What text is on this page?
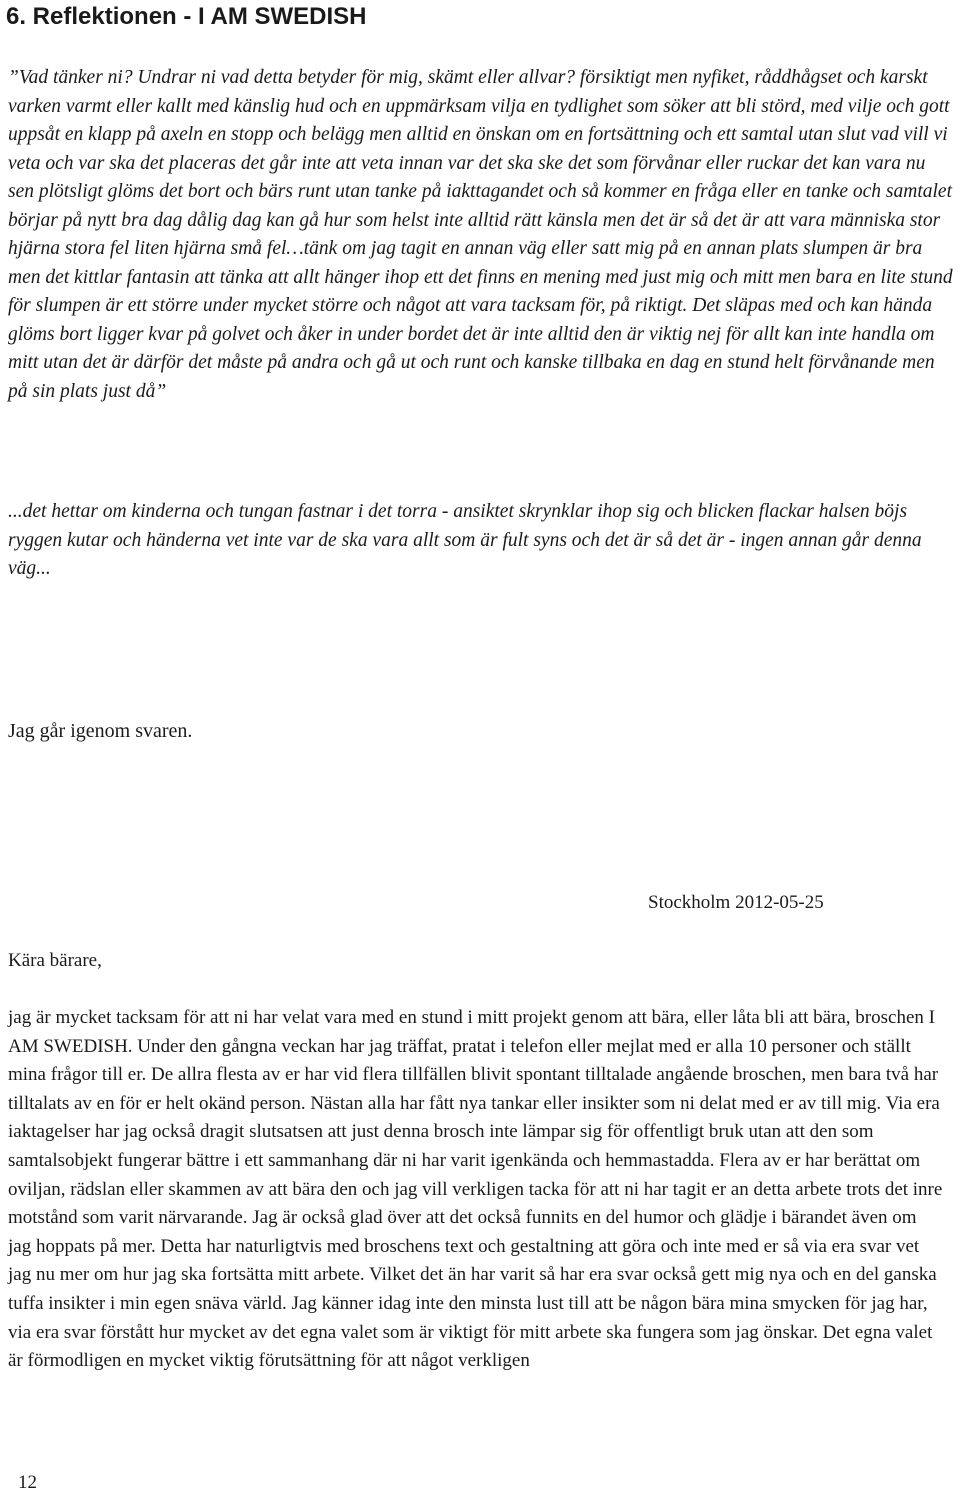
6. Reflektionen - I AM SWEDISH

”Vad tänker ni? Undrar ni vad detta betyder för mig, skämt eller allvar? försiktigt men nyfiket, råddhågset och karskt varken varmt eller kallt med känslig hud och en uppmärksam vilja en tydlighet som söker att bli störd, med vilje och gott uppsåt en klapp på axeln en stopp och belägg men alltid en önskan om en fortsättning och ett samtal utan slut vad vill vi veta och var ska det placeras det går inte att veta innan var det ska ske det som förvånar eller ruckar det kan vara nu sen plötsligt glöms det bort och bärs runt utan tanke på iakttagandet och så kommer en fråga eller en tanke och samtalet börjar på nytt bra dag dålig dag kan gå hur som helst inte alltid rätt känsla men det är så det är att vara människa stor hjärna stora fel liten hjärna små fel…tänk om jag tagit en annan väg eller satt mig på en annan plats slumpen är bra men det kittlar fantasin att tänka att allt hänger ihop ett det finns en mening med just mig och mitt men bara en lite stund för slumpen är ett större under mycket större och något att vara tacksam för, på riktigt. Det släpas med och kan hända glöms bort ligger kvar på golvet och åker in under bordet det är inte alltid den är viktig nej för allt kan inte handla om mitt utan det är därför det måste på andra och gå ut och runt och kanske tillbaka en dag en stund helt förvånande men på sin plats just då”

...det hettar om kinderna och tungan fastnar i det torra - ansiktet skrynklar ihop sig och blicken flackar halsen böjs ryggen kutar och händerna vet inte var de ska vara allt som är fult syns och det är så det är - ingen annan går denna väg...

Jag går igenom svaren.

Stockholm 2012-05-25

Kära bärare,

jag är mycket tacksam för att ni har velat vara med en stund i mitt projekt genom att bära, eller låta bli att bära, broschen I AM SWEDISH. Under den gångna veckan har jag träffat, pratat i telefon eller mejlat med er alla 10 personer och ställt mina frågor till er. De allra flesta av er har vid flera tillfällen blivit spontant tilltalade angående broschen, men bara två har tilltalats av en för er helt okänd person. Nästan alla har fått nya tankar eller insikter som ni delat med er av till mig. Via era iaktagelser har jag också dragit slutsatsen att just denna brosch inte lämpar sig för offentligt bruk utan att den som samtalsobjekt fungerar bättre i ett sammanhang där ni har varit igenkända och hemmastadda. Flera av er har berättat om oviljan, rädslan eller skammen av att bära den och jag vill verkligen tacka för att ni har tagit er an detta arbete trots det inre motstånd som varit närvarande. Jag är också glad över att det också funnits en del humor och glädje i bärandet även om jag hoppats på mer. Detta har naturligtvis med broschens text och gestaltning att göra och inte med er så via era svar vet jag nu mer om hur jag ska fortsätta mitt arbete. Vilket det än har varit så har era svar också gett mig nya och en del ganska tuffa insikter i min egen snäva värld. Jag känner idag inte den minsta lust till att be någon bära mina smycken för jag har, via era svar förstått hur mycket av det egna valet som är viktigt för mitt arbete ska fungera som jag önskar. Det egna valet är förmodligen en mycket viktig förutsättning för att något verkligen

12
